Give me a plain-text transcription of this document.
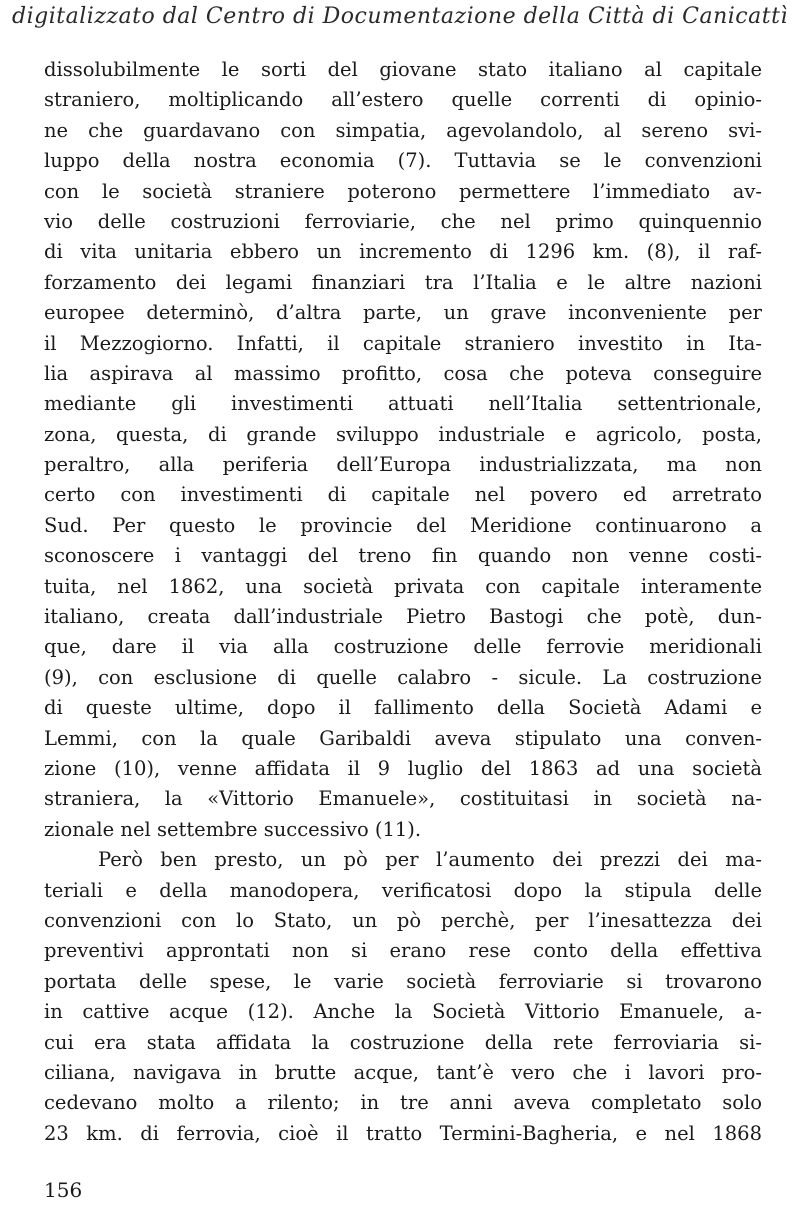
digitalizzato dal Centro di Documentazione della Città di Canicattì
dissolubilmente le sorti del giovane stato italiano al capitale
straniero, moltiplicando all’estero quelle correnti di opinio-
ne che guardavano con simpatia, agevolandolo, al sereno svi-
luppo della nostra economia (7). Tuttavia se le convenzioni
con le società straniere poterono permettere l’immediato av-
vio delle costruzioni ferroviarie, che nel primo quinquennio
di vita unitaria ebbero un incremento di 1296 km. (8), il raf-
forzamento dei legami finanziari tra l’Italia e le altre nazioni
europee determinò, d’altra parte, un grave inconveniente per
il Mezzogiorno. Infatti, il capitale straniero investito in Ita-
lia aspirava al massimo profitto, cosa che poteva conseguire
mediante gli investimenti attuati nell’Italia settentrionale,
zona, questa, di grande sviluppo industriale e agricolo, posta,
peraltro, alla periferia dell’Europa industrializzata, ma non
certo con investimenti di capitale nel povero ed arretrato
Sud. Per questo le provincie del Meridione continuarono a
sconoscere i vantaggi del treno fin quando non venne costi-
tuita, nel 1862, una società privata con capitale interamente
italiano, creata dall’industriale Pietro Bastogi che potè, dun-
que, dare il via alla costruzione delle ferrovie meridionali
(9), con esclusione di quelle calabro - sicule. La costruzione
di queste ultime, dopo il fallimento della Società Adami e
Lemmi, con la quale Garibaldi aveva stipulato una conven-
zione (10), venne affidata il 9 luglio del 1863 ad una società
straniera, la «Vittorio Emanuele», costituitasi in società na-
zionale nel settembre successivo (11).
Però ben presto, un pò per l’aumento dei prezzi dei ma-
teriali e della manodopera, verificatosi dopo la stipula delle
convenzioni con lo Stato, un pò perchè, per l’inesattezza dei
preventivi approntati non si erano rese conto della effettiva
portata delle spese, le varie società ferroviarie si trovarono
in cattive acque (12). Anche la Società Vittorio Emanuele, a-
cui era stata affidata la costruzione della rete ferroviaria si-
ciliana, navigava in brutte acque, tant’è vero che i lavori pro-
cedevano molto a rilento; in tre anni aveva completato solo
23 km. di ferrovia, cioè il tratto Termini-Bagheria, e nel 1868
156
